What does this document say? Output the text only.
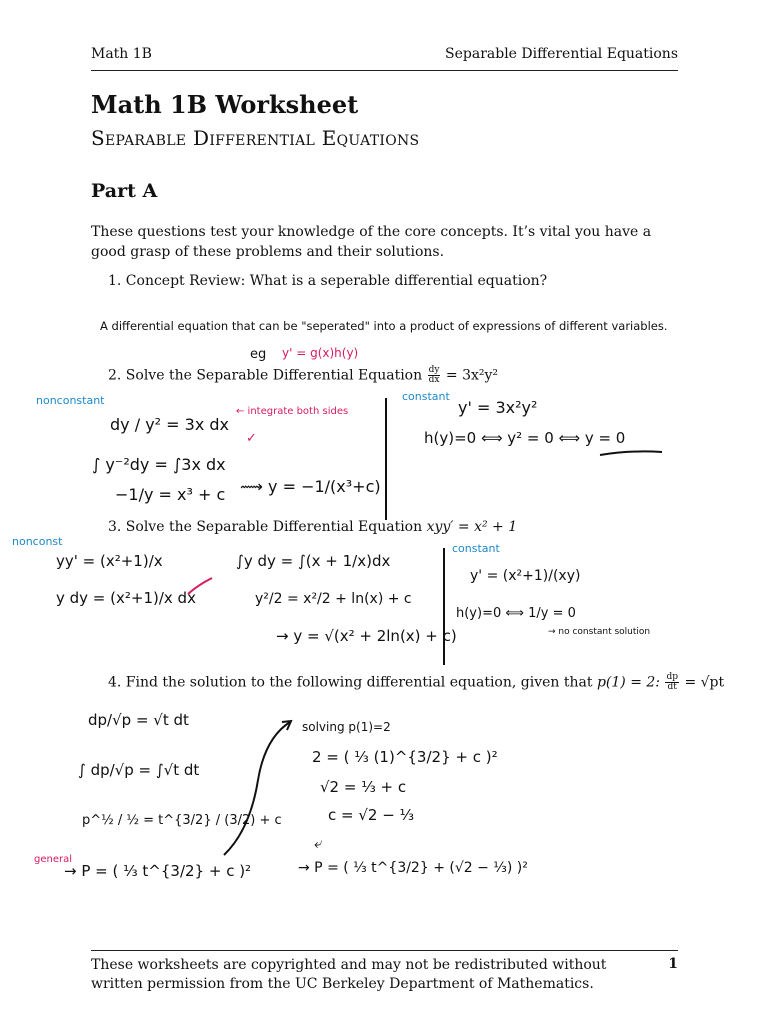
Math 1B	Separable Differential Equations
Math 1B Worksheet
Separable Differential Equations
Part A
These questions test your knowledge of the core concepts. It’s vital you have a good grasp of these problems and their solutions.
1. Concept Review: What is a seperable differential equation?
2. Solve the Separable Differential Equation $\frac{dy}{dx} = 3x^2y^2$
3. Solve the Separable Differential Equation xyy′ = x² + 1
4. Find the solution to the following differential equation, given that p(1) = 2: $\frac{dp}{dt} = √pt$
A differential equation that can be "seperated" into a product of expressions of different variables.
eg y' = g(x)h(y)
nonconstant
dy / y² = 3x dx
← integrate both sides
✓
∫ y⁻²dy = ∫3x dx
−1/y = x³ + c ⟿ y = −1/(x³+c)
constant
y' = 3x²y²
h(y)=0 ⟺ y² = 0 ⟺ y = 0
nonconst
yy' = (x²+1)/x
y dy = (x²+1)/x dx
∫y dy = ∫(x + 1/x)dx
y²/2 = x²/2 + ln(x) + c
→ y = √(x² + 2ln(x) + c)
constant
y' = (x²+1)/(xy)
h(y)=0 ⟺ 1/y = 0
→ no constant solution
dp/√p = √t dt
∫ dp/√p = ∫√t dt
p^½ / ½ = t^{3/2} / (3/2) + c
general
→ P = ( ⅓ t^{3/2} + c )²
solving p(1)=2
2 = ( ⅓ (1)^{3/2} + c )²
√2 = ⅓ + c
c = √2 − ⅓
⤶
→ P = ( ⅓ t^{3/2} + (√2 − ⅓) )²
These worksheets are copyrighted and may not be redistributed without written permission from the UC Berkeley Department of Mathematics.
1
